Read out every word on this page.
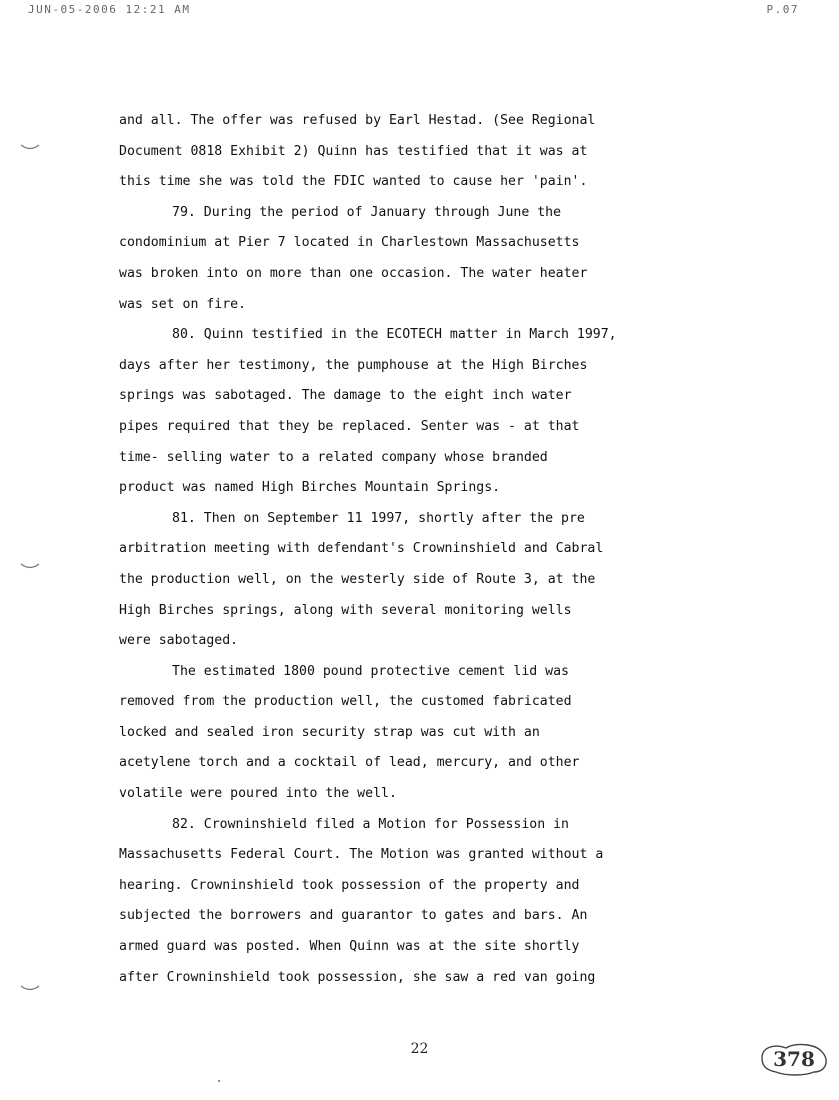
JUN-05-2006 12:21 AM	P.07

and all. The offer was refused by Earl Hestad. (See Regional
Document 0818 Exhibit 2) Quinn has testified that it was at
this time she was told the FDIC wanted to cause her 'pain'.

79. During the period of January through June the
condominium at Pier 7 located in Charlestown Massachusetts
was broken into on more than one occasion. The water heater
was set on fire.

80. Quinn testified in the ECOTECH matter in March 1997,
days after her testimony, the pumphouse at the High Birches
springs was sabotaged. The damage to the eight inch water
pipes required that they be replaced. Senter was - at that
time- selling water to a related company whose branded
product was named High Birches Mountain Springs.

81. Then on September 11 1997, shortly after the pre
arbitration meeting with defendant's Crowninshield and Cabral
the production well, on the westerly side of Route 3, at the
High Birches springs, along with several monitoring wells
were sabotaged.

The estimated 1800 pound protective cement lid was
removed from the production well, the customed fabricated
locked and sealed iron security strap was cut with an
acetylene torch and a cocktail of lead, mercury, and other
volatile were poured into the well.

82. Crowninshield filed a Motion for Possession in
Massachusetts Federal Court. The Motion was granted without a
hearing. Crowninshield took possession of the property and
subjected the borrowers and guarantor to gates and bars. An
armed guard was posted. When Quinn was at the site shortly
after Crowninshield took possession, she saw a red van going

22	378
